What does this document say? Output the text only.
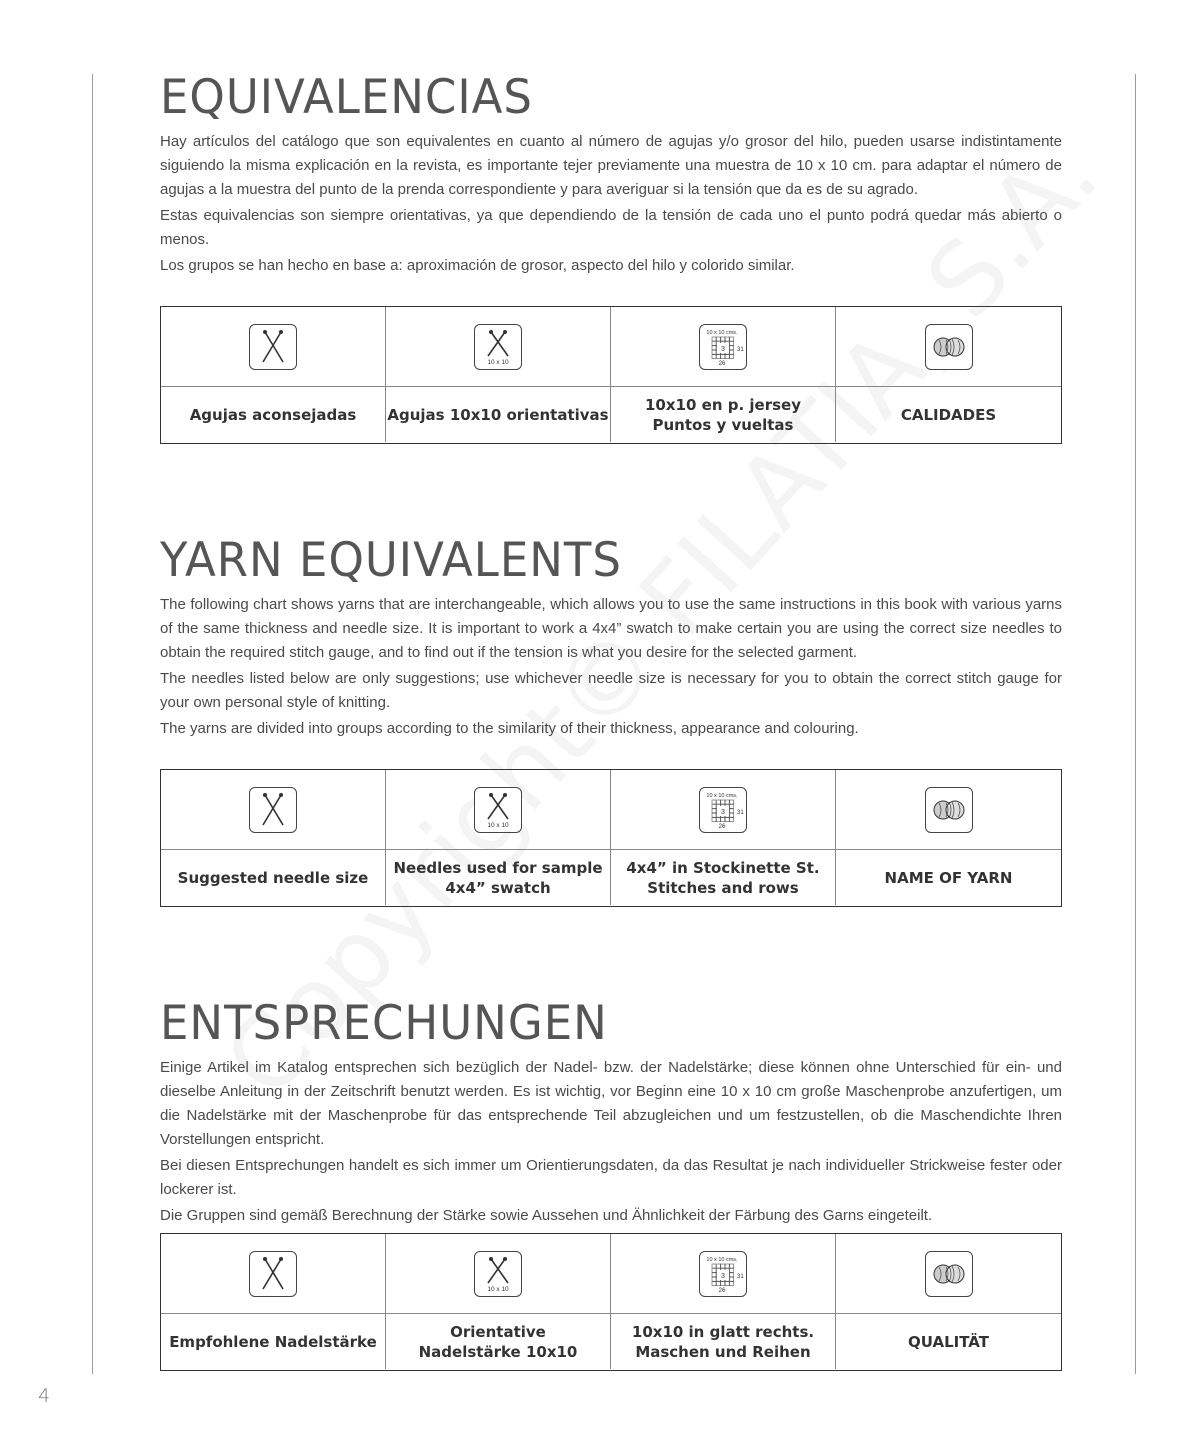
EQUIVALENCIAS

Hay artículos del catálogo que son equivalentes en cuanto al número de agujas y/o grosor del hilo, pueden usarse indistintamente siguiendo la misma explicación en la revista, es importante tejer previamente una muestra de 10 x 10 cm. para adaptar el número de agujas a la muestra del punto de la prenda correspondiente y para averiguar si la tensión que da es de su agrado.

Estas equivalencias son siempre orientativas, ya que dependiendo de la tensión de cada uno el punto podrá quedar más abierto o menos.

Los grupos se han hecho en base a: aproximación de grosor, aspecto del hilo y colorido similar.

10 x 10
10 x 10 cms.
3 31
26
Agujas aconsejadas	Agujas 10x10 orientativas
10x10 en p. jersey
Puntos y vueltas
CALIDADES
YARN EQUIVALENTS

The following chart shows yarns that are interchangeable, which allows you to use the same instructions in this book with various yarns of the same thickness and needle size. It is important to work a 4x4” swatch to make certain you are using the correct size needles to obtain the required stitch gauge, and to find out if the tension is what you desire for the selected garment.

The needles listed below are only suggestions; use whichever needle size is necessary for you to obtain the correct stitch gauge for your own personal style of knitting.

The yarns are divided into groups according to the similarity of their thickness, appearance and colouring.

10 x 10
10 x 10 cms.
3 31
26
Suggested needle size
Needles used for sample
4x4” swatch
4x4” in Stockinette St.
Stitches and rows
NAME OF YARN
ENTSPRECHUNGEN

Einige Artikel im Katalog entsprechen sich bezüglich der Nadel- bzw. der Nadelstärke; diese können ohne Unterschied für ein- und dieselbe Anleitung in der Zeitschrift benutzt werden. Es ist wichtig, vor Beginn eine 10 x 10 cm große Maschenprobe anzufertigen, um die Nadelstärke mit der Maschenprobe für das entsprechende Teil abzugleichen und um festzustellen, ob die Maschendichte Ihren Vorstellungen entspricht.

Bei diesen Entsprechungen handelt es sich immer um Orientierungsdaten, da das Resultat je nach individueller Strickweise fester oder lockerer ist.

Die Gruppen sind gemäß Berechnung der Stärke sowie Aussehen und Ähnlichkeit der Färbung des Garns eingeteilt.

10 x 10
10 x 10 cms.
3 31
26
Empfohlene Nadelstärke
Orientative
Nadelstärke 10x10
10x10 in glatt rechts.
Maschen und Reihen
QUALITÄT
4
